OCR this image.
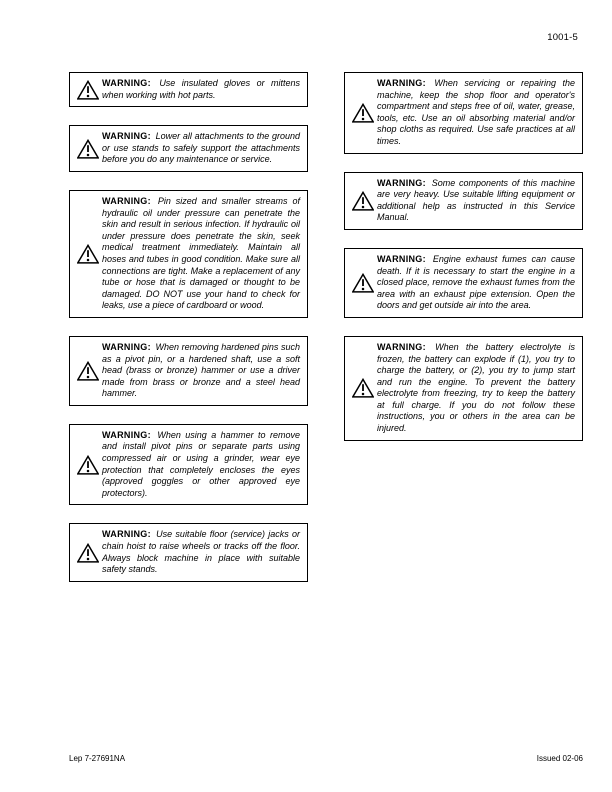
1001-5

WARNING: Use insulated gloves or mittens when working with hot parts.

WARNING: Lower all attachments to the ground or use stands to safely support the attachments before you do any maintenance or service.

WARNING: Pin sized and smaller streams of hydraulic oil under pressure can penetrate the skin and result in serious infection. If hydraulic oil under pressure does penetrate the skin, seek medical treatment immediately. Maintain all hoses and tubes in good condition. Make sure all connections are tight. Make a replacement of any tube or hose that is damaged or thought to be damaged. DO NOT use your hand to check for leaks, use a piece of cardboard or wood.

WARNING: When removing hardened pins such as a pivot pin, or a hardened shaft, use a soft head (brass or bronze) hammer or use a driver made from brass or bronze and a steel head hammer.

WARNING: When using a hammer to remove and install pivot pins or separate parts using compressed air or using a grinder, wear eye protection that completely encloses the eyes (approved goggles or other approved eye protectors).

WARNING: Use suitable floor (service) jacks or chain hoist to raise wheels or tracks off the floor. Always block machine in place with suitable safety stands.

WARNING: When servicing or repairing the machine, keep the shop floor and operator's compartment and steps free of oil, water, grease, tools, etc. Use an oil absorbing material and/or shop cloths as required. Use safe practices at all times.

WARNING: Some components of this machine are very heavy. Use suitable lifting equipment or additional help as instructed in this Service Manual.

WARNING: Engine exhaust fumes can cause death. If it is necessary to start the engine in a closed place, remove the exhaust fumes from the area with an exhaust pipe extension. Open the doors and get outside air into the area.

WARNING: When the battery electrolyte is frozen, the battery can explode if (1), you try to charge the battery, or (2), you try to jump start and run the engine. To prevent the battery electrolyte from freezing, try to keep the battery at full charge. If you do not follow these instructions, you or others in the area can be injured.

Lep 7-27691NA	Issued 02-06
